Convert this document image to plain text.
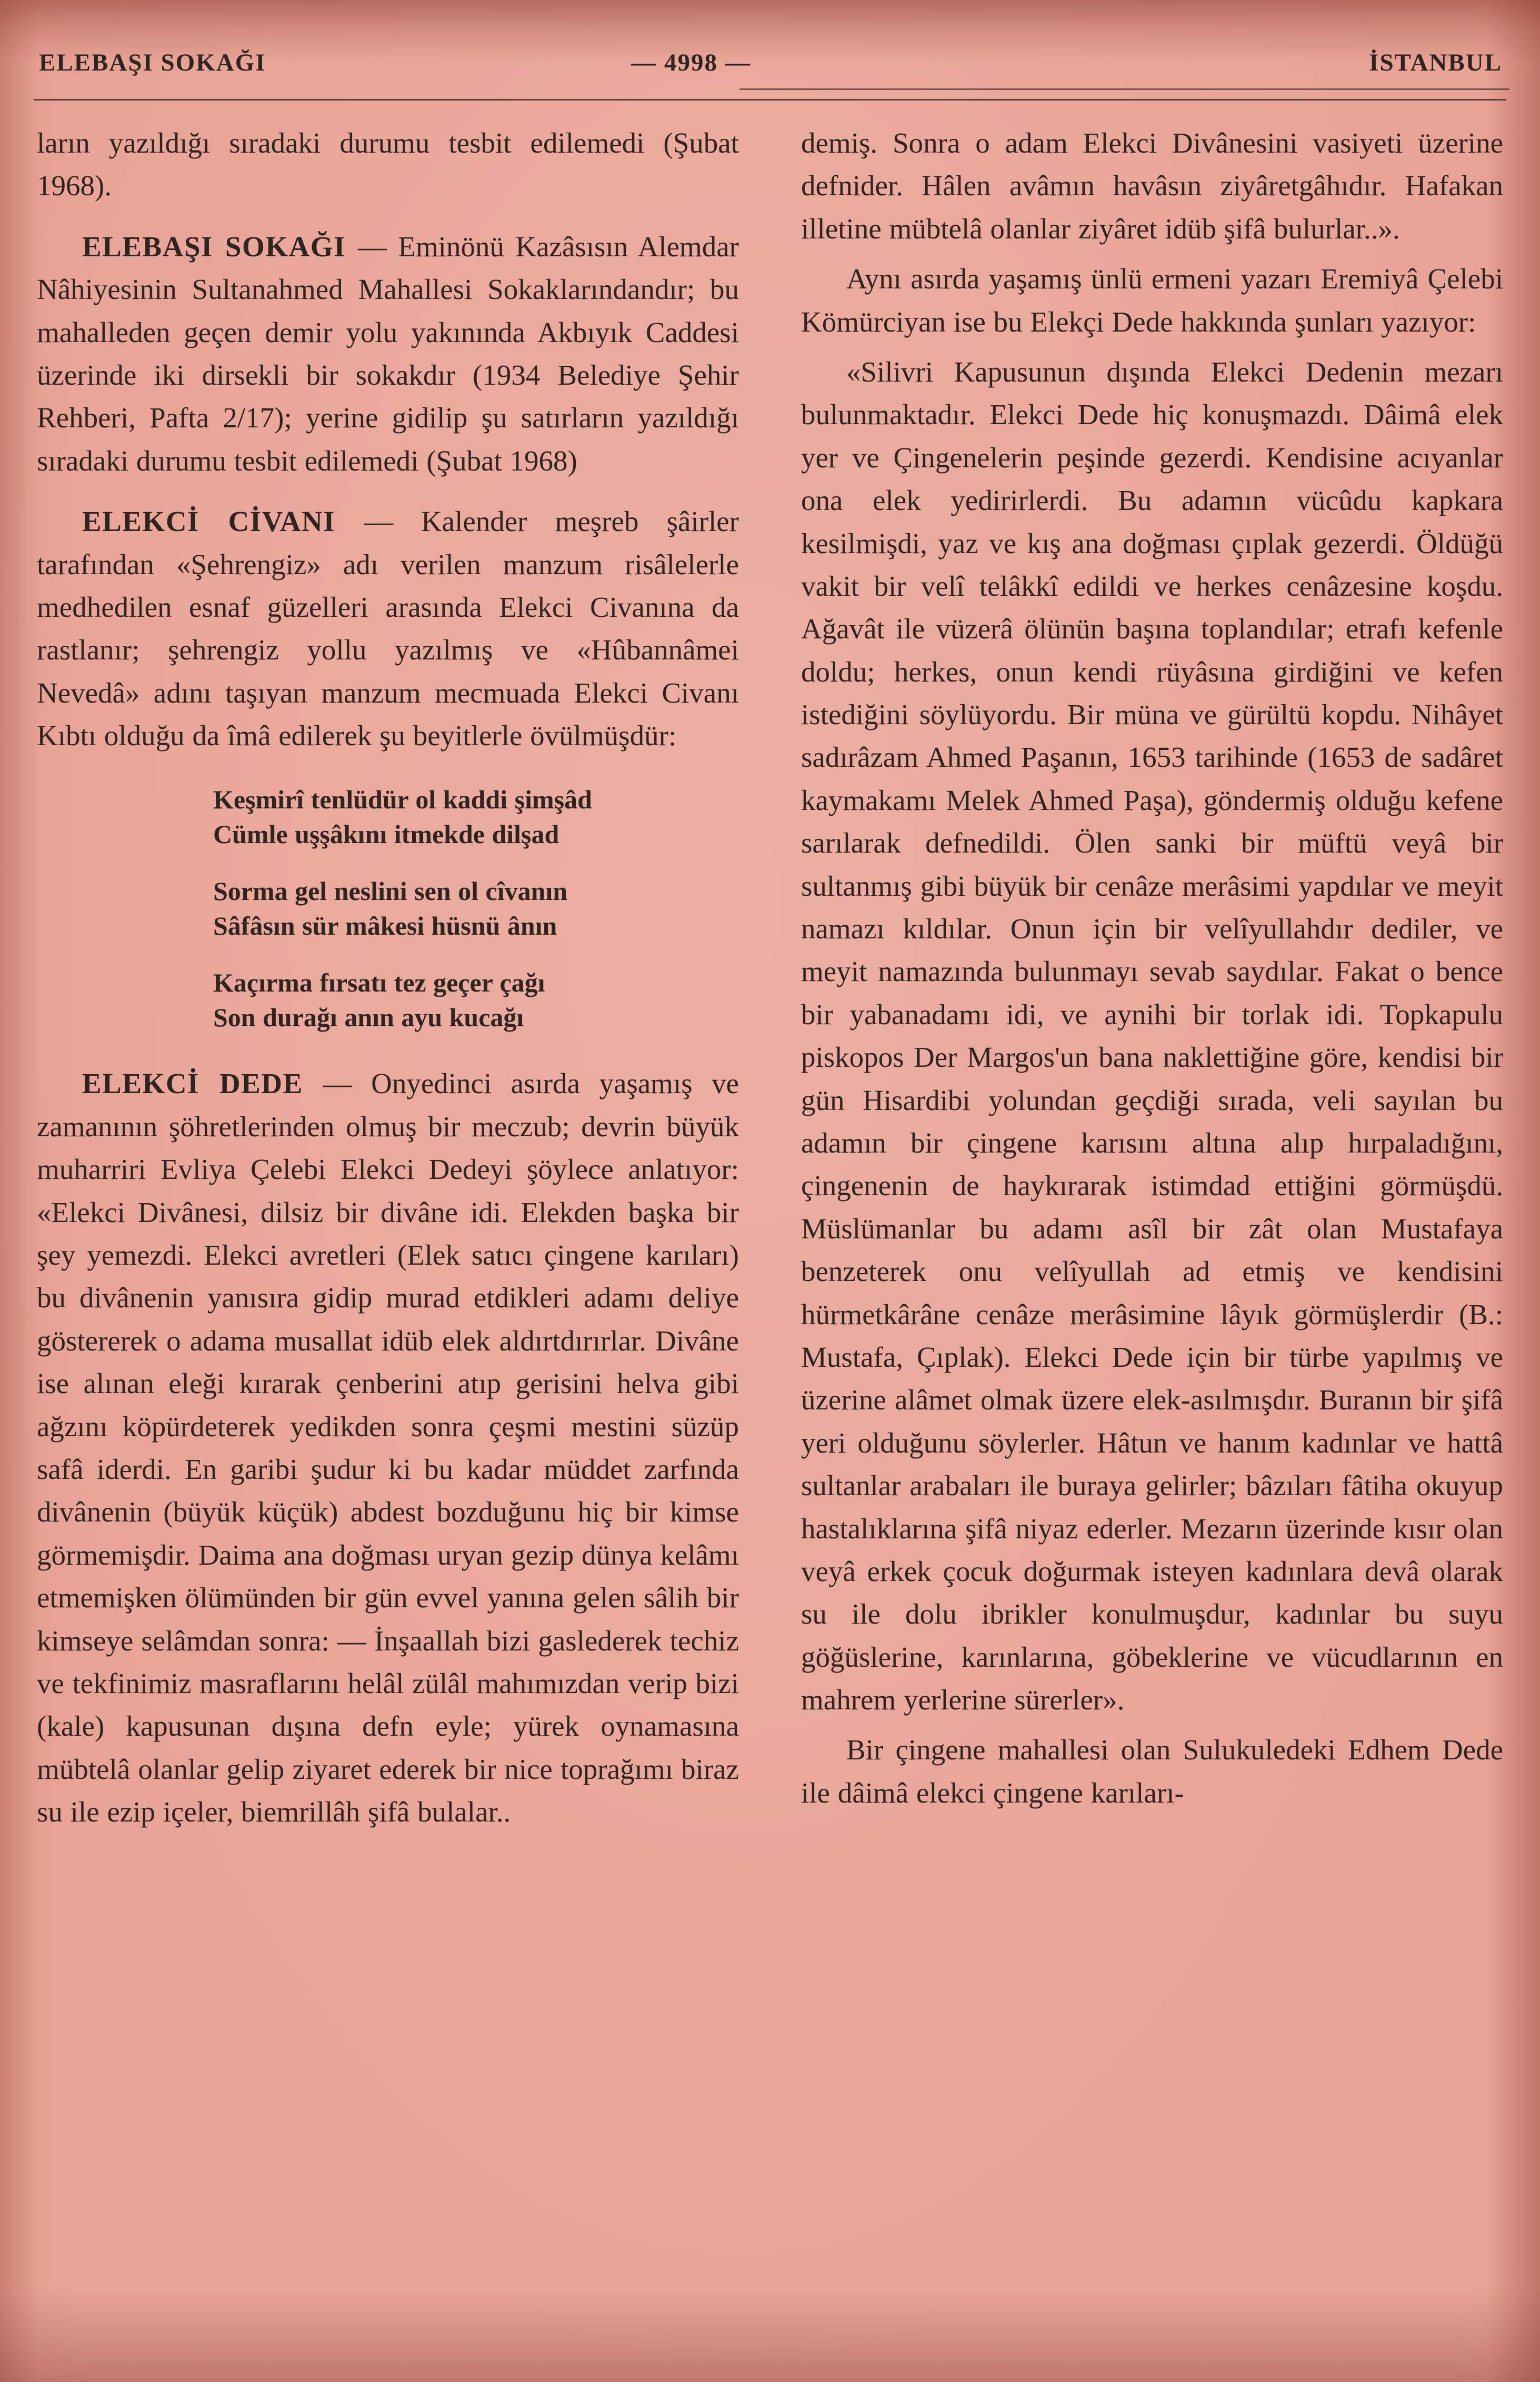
ELEBAŞI SOKAĞI	— 4998 —	İSTANBUL

ların yazıldığı sıradaki durumu tesbit edilemedi (Şubat 1968).

ELEBAŞI SOKAĞI — Eminönü Kazâsısın Alemdar Nâhiyesinin Sultanahmed Mahallesi Sokaklarındandır; bu mahalleden geçen demir yolu yakınında Akbıyık Caddesi üzerinde iki dirsekli bir sokakdır (1934 Belediye Şehir Rehberi, Pafta 2/17); yerine gidilip şu satırların yazıldığı sıradaki durumu tesbit edilemedi (Şubat 1968)

ELEKCİ CİVANI — Kalender meşreb şâirler tarafından «Şehrengiz» adı verilen manzum risâlelerle medhedilen esnaf güzelleri arasında Elekci Civanına da rastlanır; şehrengiz yollu yazılmış ve «Hûbannâmei Nevedâ» adını taşıyan manzum mecmuada Elekci Civanı Kıbtı olduğu da îmâ edilerek şu beyitlerle övülmüşdür:

Keşmirî tenlüdür ol kaddi şimşâd
Cümle uşşâkını itmekde dilşad
Sorma gel neslini sen ol cîvanın
Sâfâsın sür mâkesi hüsnü ânın
Kaçırma fırsatı tez geçer çağı
Son durağı anın ayu kucağı

ELEKCİ DEDE — Onyedinci asırda yaşamış ve zamanının şöhretlerinden olmuş bir meczub; devrin büyük muharriri Evliya Çelebi Elekci Dedeyi şöylece anlatıyor: «Elekci Divânesi, dilsiz bir divâne idi. Elekden başka bir şey yemezdi. Elekci avretleri (Elek satıcı çingene karıları) bu divânenin yanısıra gidip murad etdikleri adamı deliye göstererek o adama musallat idüb elek aldırtdırırlar. Divâne ise alınan eleği kırarak çenberini atıp gerisini helva gibi ağzını köpürdeterek yedikden sonra çeşmi mestini süzüp safâ iderdi. En garibi şudur ki bu kadar müddet zarfında divânenin (büyük küçük) abdest bozduğunu hiç bir kimse görmemişdir. Daima ana doğması uryan gezip dünya kelâmı etmemişken ölümünden bir gün evvel yanına gelen sâlih bir kimseye selâmdan sonra: — İnşaallah bizi gaslederek techiz ve tekfinimiz masraflarını helâl zülâl mahımızdan verip bizi (kale) kapusunan dışına defn eyle; yürek oynamasına mübtelâ olanlar gelip ziyaret ederek bir nice toprağımı biraz su ile ezip içeler, biemrillâh şifâ bulalar..

demiş. Sonra o adam Elekci Divânesini vasiyeti üzerine defnider. Hâlen avâmın havâsın ziyâretgâhıdır. Hafakan illetine mübtelâ olanlar ziyâret idüb şifâ bulurlar..».

Aynı asırda yaşamış ünlü ermeni yazarı Eremiyâ Çelebi Kömürciyan ise bu Elekçi Dede hakkında şunları yazıyor:

«Silivri Kapusunun dışında Elekci Dedenin mezarı bulunmaktadır. Elekci Dede hiç konuşmazdı. Dâimâ elek yer ve Çingenelerin peşinde gezerdi. Kendisine acıyanlar ona elek yedirirlerdi. Bu adamın vücûdu kapkara kesilmişdi, yaz ve kış ana doğması çıplak gezerdi. Öldüğü vakit bir velî telâkkî edildi ve herkes cenâzesine koşdu. Ağavât ile vüzerâ ölünün başına toplandılar; etrafı kefenle doldu; herkes, onun kendi rüyâsına girdiğini ve kefen istediğini söylüyordu. Bir müna ve gürültü kopdu. Nihâyet sadırâzam Ahmed Paşanın, 1653 tarihinde (1653 de sadâret kaymakamı Melek Ahmed Paşa), göndermiş olduğu kefene sarılarak defnedildi. Ölen sanki bir müftü veyâ bir sultanmış gibi büyük bir cenâze merâsimi yapdılar ve meyit namazı kıldılar. Onun için bir velîyullahdır dediler, ve meyit namazında bulunmayı sevab saydılar. Fakat o bence bir yabanadamı idi, ve aynihi bir torlak idi. Topkapulu piskopos Der Margos'un bana naklettiğine göre, kendisi bir gün Hisardibi yolundan geçdiği sırada, veli sayılan bu adamın bir çingene karısını altına alıp hırpaladığını, çingenenin de haykırarak istimdad ettiğini görmüşdü. Müslümanlar bu adamı asîl bir zât olan Mustafaya benzeterek onu velîyullah ad etmiş ve kendisini hürmetkârâne cenâze merâsimine lâyık görmüşlerdir (B.: Mustafa, Çıplak). Elekci Dede için bir türbe yapılmış ve üzerine alâmet olmak üzere elek-asılmışdır. Buranın bir şifâ yeri olduğunu söylerler. Hâtun ve hanım kadınlar ve hattâ sultanlar arabaları ile buraya gelirler; bâzıları fâtiha okuyup hastalıklarına şifâ niyaz ederler. Mezarın üzerinde kısır olan veyâ erkek çocuk doğurmak isteyen kadınlara devâ olarak su ile dolu ibrikler konulmuşdur, kadınlar bu suyu göğüslerine, karınlarına, göbeklerine ve vücudlarının en mahrem yerlerine sürerler».

Bir çingene mahallesi olan Sulukuledeki Edhem Dede ile dâimâ elekci çingene karıları-
